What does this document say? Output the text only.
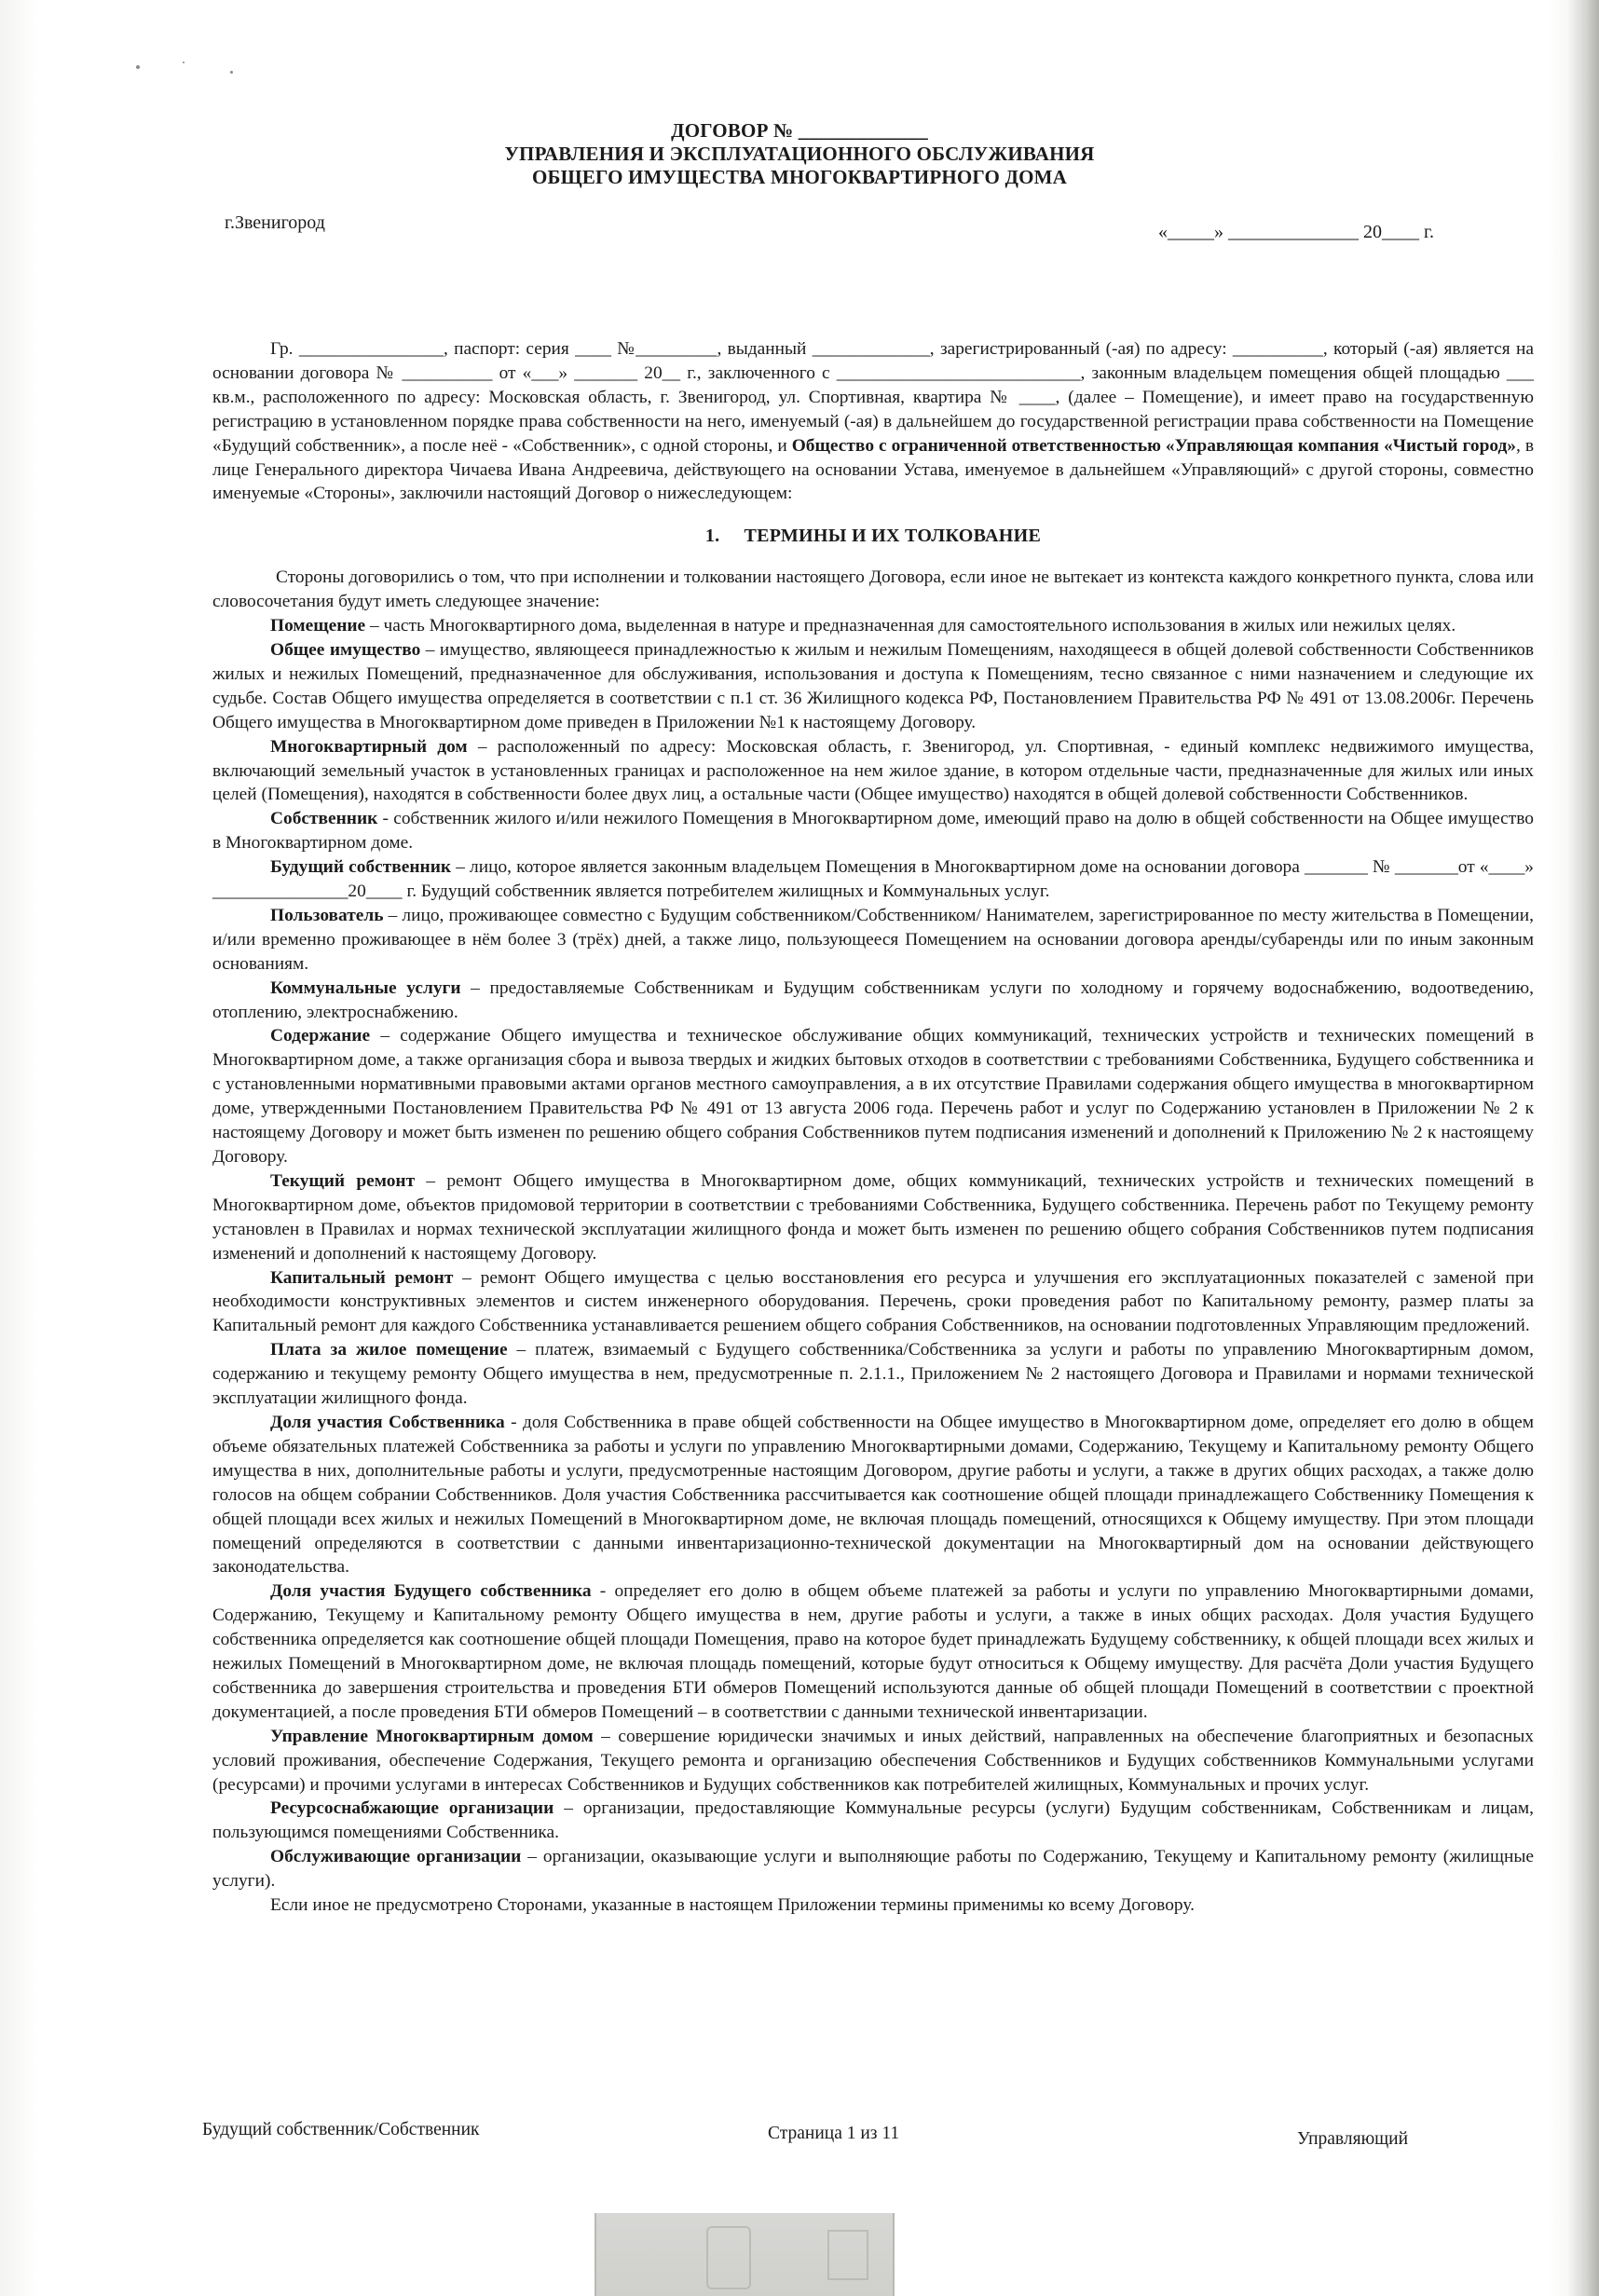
ДОГОВОР № _____________
УПРАВЛЕНИЯ И ЭКСПЛУАТАЦИОННОГО ОБСЛУЖИВАНИЯ
ОБЩЕГО ИМУЩЕСТВА МНОГОКВАРТИРНОГО ДОМА
г.Звенигород	«_____» ______________ 20____ г.

Гр. ________________, паспорт: серия ____ №_________, выданный _____________, зарегистрированный (-ая) по адресу: __________, который (-ая) является на основании договора № __________ от «___» _______ 20__ г., заключенного с ___________________________, законным владельцем помещения общей площадью ___ кв.м., расположенного по адресу: Московская область, г. Звенигород, ул. Спортивная, квартира № ____, (далее – Помещение), и имеет право на государственную регистрацию в установленном порядке права собственности на него, именуемый (-ая) в дальнейшем до государственной регистрации права собственности на Помещение «Будущий собственник», а после неё - «Собственник», с одной стороны, и Обществo с ограниченной ответственностью «Управляющая компания «Чистый город», в лице Генерального директора Чичаева Ивана Андреевича, действующего на основании Устава, именуемое в дальнейшем «Управляющий» с другой стороны, совместно именуемые «Стороны», заключили настоящий Договор о нижеследующем:

1. ТЕРМИНЫ И ИХ ТОЛКОВАНИЕ

Стороны договорились о том, что при исполнении и толковании настоящего Договора, если иное не вытекает из контекста каждого конкретного пункта, слова или словосочетания будут иметь следующее значение:

Помещение – часть Многоквартирного дома, выделенная в натуре и предназначенная для самостоятельного использования в жилых или нежилых целях.

Общее имущество – имущество, являющееся принадлежностью к жилым и нежилым Помещениям, находящееся в общей долевой собственности Собственников жилых и нежилых Помещений, предназначенное для обслуживания, использования и доступа к Помещениям, тесно связанное с ними назначением и следующие их судьбе. Состав Общего имущества определяется в соответствии с п.1 ст. 36 Жилищного кодекса РФ, Постановлением Правительства РФ № 491 от 13.08.2006г. Перечень Общего имущества в Многоквартирном доме приведен в Приложении №1 к настоящему Договору.

Многоквартирный дом – расположенный по адресу: Московская область, г. Звенигород, ул. Спортивная, - единый комплекс недвижимого имущества, включающий земельный участок в установленных границах и расположенное на нем жилое здание, в котором отдельные части, предназначенные для жилых или иных целей (Помещения), находятся в собственности более двух лиц, а остальные части (Общее имущество) находятся в общей долевой собственности Собственников.

Собственник - собственник жилого и/или нежилого Помещения в Многоквартирном доме, имеющий право на долю в общей собственности на Общее имущество в Многоквартирном доме.

Будущий собственник – лицо, которое является законным владельцем Помещения в Многоквартирном доме на основании договора _______ № _______от «____» _______________20____ г. Будущий собственник является потребителем жилищных и Коммунальных услуг.

Пользователь – лицо, проживающее совместно с Будущим собственником/Собственником/ Нанимателем, зарегистрированное по месту жительства в Помещении, и/или временно проживающее в нём более 3 (трёх) дней, а также лицо, пользующееся Помещением на основании договора аренды/субаренды или по иным законным основаниям.

Коммунальные услуги – предоставляемые Собственникам и Будущим собственникам услуги по холодному и горячему водоснабжению, водоотведению, отоплению, электроснабжению.

Содержание – содержание Общего имущества и техническое обслуживание общих коммуникаций, технических устройств и технических помещений в Многоквартирном доме, а также организация сбора и вывоза твердых и жидких бытовых отходов в соответствии с требованиями Собственника, Будущего собственника и с установленными нормативными правовыми актами органов местного самоуправления, а в их отсутствие Правилами содержания общего имущества в многоквартирном доме, утвержденными Постановлением Правительства РФ № 491 от 13 августа 2006 года. Перечень работ и услуг по Содержанию установлен в Приложении № 2 к настоящему Договору и может быть изменен по решению общего собрания Собственников путем подписания изменений и дополнений к Приложению № 2 к настоящему Договору.

Текущий ремонт – ремонт Общего имущества в Многоквартирном доме, общих коммуникаций, технических устройств и технических помещений в Многоквартирном доме, объектов придомовой территории в соответствии с требованиями Собственника, Будущего собственника. Перечень работ по Текущему ремонту установлен в Правилах и нормах технической эксплуатации жилищного фонда и может быть изменен по решению общего собрания Собственников путем подписания изменений и дополнений к настоящему Договору.

Капитальный ремонт – ремонт Общего имущества с целью восстановления его ресурса и улучшения его эксплуатационных показателей с заменой при необходимости конструктивных элементов и систем инженерного оборудования. Перечень, сроки проведения работ по Капитальному ремонту, размер платы за Капитальный ремонт для каждого Собственника устанавливается решением общего собрания Собственников, на основании подготовленных Управляющим предложений.

Плата за жилое помещение – платеж, взимаемый с Будущего собственника/Собственника за услуги и работы по управлению Многоквартирным домом, содержанию и текущему ремонту Общего имущества в нем, предусмотренные п. 2.1.1., Приложением № 2 настоящего Договора и Правилами и нормами технической эксплуатации жилищного фонда.

Доля участия Собственника - доля Собственника в праве общей собственности на Общее имущество в Многоквартирном доме, определяет его долю в общем объеме обязательных платежей Собственника за работы и услуги по управлению Многоквартирными домами, Содержанию, Текущему и Капитальному ремонту Общего имущества в них, дополнительные работы и услуги, предусмотренные настоящим Договором, другие работы и услуги, а также в других общих расходах, а также долю голосов на общем собрании Собственников. Доля участия Собственника рассчитывается как соотношение общей площади принадлежащего Собственнику Помещения к общей площади всех жилых и нежилых Помещений в Многоквартирном доме, не включая площадь помещений, относящихся к Общему имуществу. При этом площади помещений определяются в соответствии с данными инвентаризационно-технической документации на Многоквартирный дом на основании действующего законодательства.

Доля участия Будущего собственника - определяет его долю в общем объеме платежей за работы и услуги по управлению Многоквартирными домами, Содержанию, Текущему и Капитальному ремонту Общего имущества в нем, другие работы и услуги, а также в иных общих расходах. Доля участия Будущего собственника определяется как соотношение общей площади Помещения, право на которое будет принадлежать Будущему собственнику, к общей площади всех жилых и нежилых Помещений в Многоквартирном доме, не включая площадь помещений, которые будут относиться к Общему имуществу. Для расчёта Доли участия Будущего собственника до завершения строительства и проведения БТИ обмеров Помещений используются данные об общей площади Помещений в соответствии с проектной документацией, а после проведения БТИ обмеров Помещений – в соответствии с данными технической инвентаризации.

Управление Многоквартирным домом – совершение юридически значимых и иных действий, направленных на обеспечение благоприятных и безопасных условий проживания, обеспечение Содержания, Текущего ремонта и организацию обеспечения Собственников и Будущих собственников Коммунальными услугами (ресурсами) и прочими услугами в интересах Собственников и Будущих собственников как потребителей жилищных, Коммунальных и прочих услуг.

Ресурсоснабжающие организации – организации, предоставляющие Коммунальные ресурсы (услуги) Будущим собственникам, Собственникам и лицам, пользующимся помещениями Собственника.

Обслуживающие организации – организации, оказывающие услуги и выполняющие работы по Содержанию, Текущему и Капитальному ремонту (жилищные услуги).

Если иное не предусмотрено Сторонами, указанные в настоящем Приложении термины применимы ко всему Договору.

Будущий собственник/Собственник	Страница 1 из 11	Управляющий
